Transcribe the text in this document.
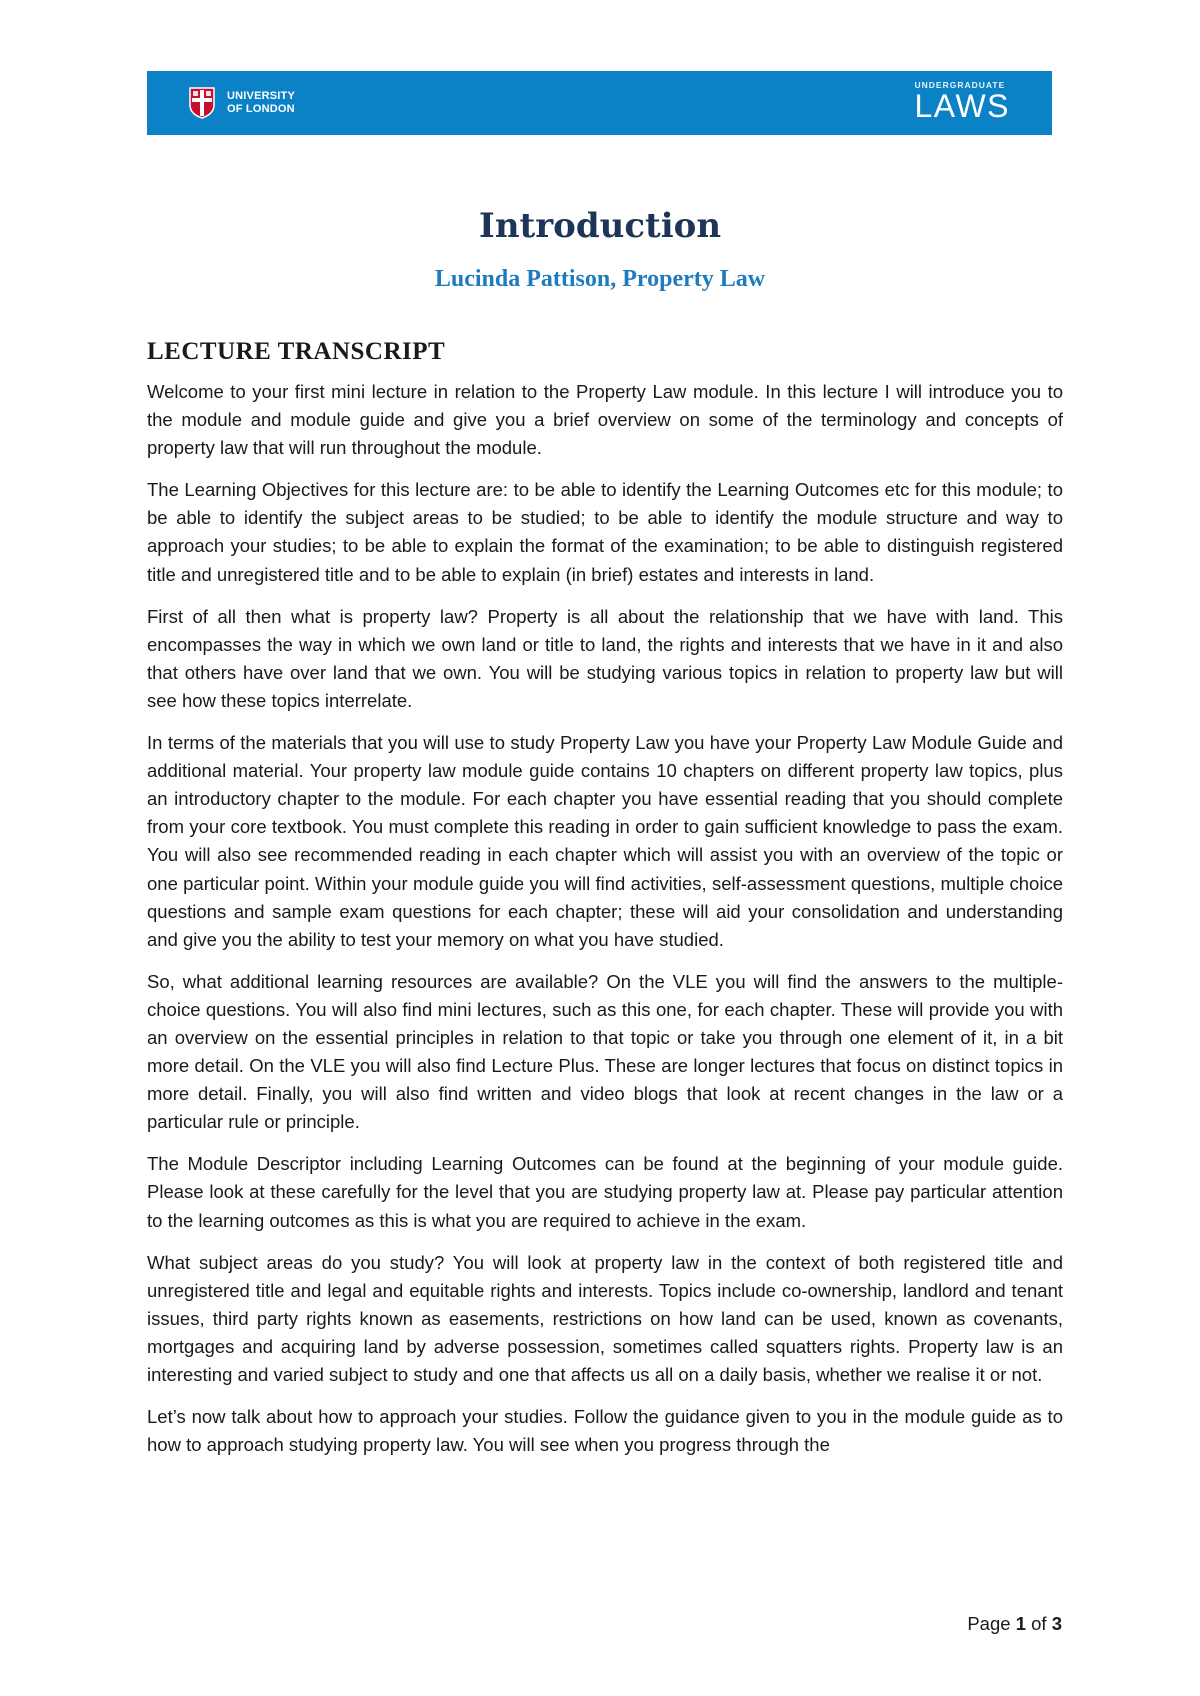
UNIVERSITY
OF LONDON
UNDERGRADUATE
LAWS
Introduction
Lucinda Pattison, Property Law
LECTURE TRANSCRIPT

Welcome to your first mini lecture in relation to the Property Law module. In this lecture I will introduce you to the module and module guide and give you a brief overview on some of the terminology and concepts of property law that will run throughout the module.

The Learning Objectives for this lecture are: to be able to identify the Learning Outcomes etc for this module; to be able to identify the subject areas to be studied; to be able to identify the module structure and way to approach your studies; to be able to explain the format of the examination; to be able to distinguish registered title and unregistered title and to be able to explain (in brief) estates and interests in land.

First of all then what is property law? Property is all about the relationship that we have with land. This encompasses the way in which we own land or title to land, the rights and interests that we have in it and also that others have over land that we own. You will be studying various topics in relation to property law but will see how these topics interrelate.

In terms of the materials that you will use to study Property Law you have your Property Law Module Guide and additional material. Your property law module guide contains 10 chapters on different property law topics, plus an introductory chapter to the module. For each chapter you have essential reading that you should complete from your core textbook. You must complete this reading in order to gain sufficient knowledge to pass the exam. You will also see recommended reading in each chapter which will assist you with an overview of the topic or one particular point. Within your module guide you will find activities, self-assessment questions, multiple choice questions and sample exam questions for each chapter; these will aid your consolidation and understanding and give you the ability to test your memory on what you have studied.

So, what additional learning resources are available? On the VLE you will find the answers to the multiple-choice questions. You will also find mini lectures, such as this one, for each chapter. These will provide you with an overview on the essential principles in relation to that topic or take you through one element of it, in a bit more detail. On the VLE you will also find Lecture Plus. These are longer lectures that focus on distinct topics in more detail. Finally, you will also find written and video blogs that look at recent changes in the law or a particular rule or principle.

The Module Descriptor including Learning Outcomes can be found at the beginning of your module guide. Please look at these carefully for the level that you are studying property law at. Please pay particular attention to the learning outcomes as this is what you are required to achieve in the exam.

What subject areas do you study? You will look at property law in the context of both registered title and unregistered title and legal and equitable rights and interests. Topics include co-ownership, landlord and tenant issues, third party rights known as easements, restrictions on how land can be used, known as covenants, mortgages and acquiring land by adverse possession, sometimes called squatters rights. Property law is an interesting and varied subject to study and one that affects us all on a daily basis, whether we realise it or not.

Let’s now talk about how to approach your studies. Follow the guidance given to you in the module guide as to how to approach studying property law. You will see when you progress through the

Page 1 of 3
